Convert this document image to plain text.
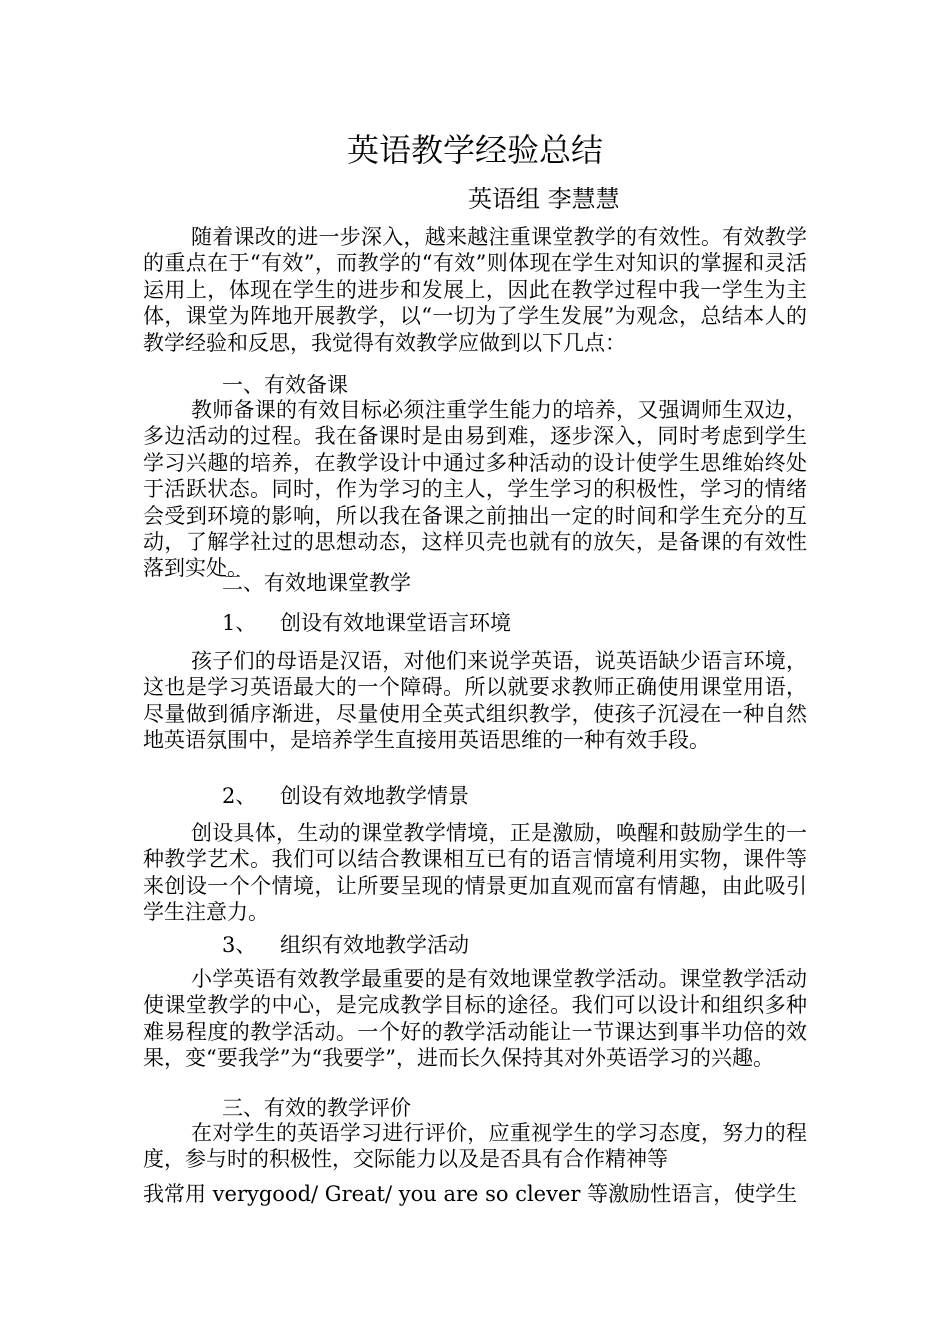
英语教学经验总结
英语组 李慧慧

随着课改的进一步深入，越来越注重课堂教学的有效性。有效教学的重点在于“有效”，而教学的“有效”则体现在学生对知识的掌握和灵活运用上，体现在学生的进步和发展上，因此在教学过程中我一学生为主体，课堂为阵地开展教学，以“一切为了学生发展”为观念，总结本人的教学经验和反思，我觉得有效教学应做到以下几点：

一、有效备课

教师备课的有效目标必须注重学生能力的培养，又强调师生双边，多边活动的过程。我在备课时是由易到难，逐步深入，同时考虑到学生学习兴趣的培养，在教学设计中通过多种活动的设计使学生思维始终处于活跃状态。同时，作为学习的主人，学生学习的积极性，学习的情绪会受到环境的影响，所以我在备课之前抽出一定的时间和学生充分的互动，了解学社过的思想动态，这样贝壳也就有的放矢，是备课的有效性落到实处。

二、有效地课堂教学
1、 创设有效地课堂语言环境

孩子们的母语是汉语，对他们来说学英语，说英语缺少语言环境，这也是学习英语最大的一个障碍。所以就要求教师正确使用课堂用语，尽量做到循序渐进，尽量使用全英式组织教学，使孩子沉浸在一种自然地英语氛围中，是培养学生直接用英语思维的一种有效手段。

2、 创设有效地教学情景

创设具体，生动的课堂教学情境，正是激励，唤醒和鼓励学生的一种教学艺术。我们可以结合教课相互已有的语言情境利用实物，课件等来创设一个个情境，让所要呈现的情景更加直观而富有情趣，由此吸引学生注意力。

3、 组织有效地教学活动

小学英语有效教学最重要的是有效地课堂教学活动。课堂教学活动使课堂教学的中心，是完成教学目标的途径。我们可以设计和组织多种难易程度的教学活动。一个好的教学活动能让一节课达到事半功倍的效果，变“要我学”为“我要学”，进而长久保持其对外英语学习的兴趣。

三、有效的教学评价

在对学生的英语学习进行评价，应重视学生的学习态度，努力的程度，参与时的积极性，交际能力以及是否具有合作精神等

我常用 verygood/ Great/ you are so clever 等激励性语言，使学生
